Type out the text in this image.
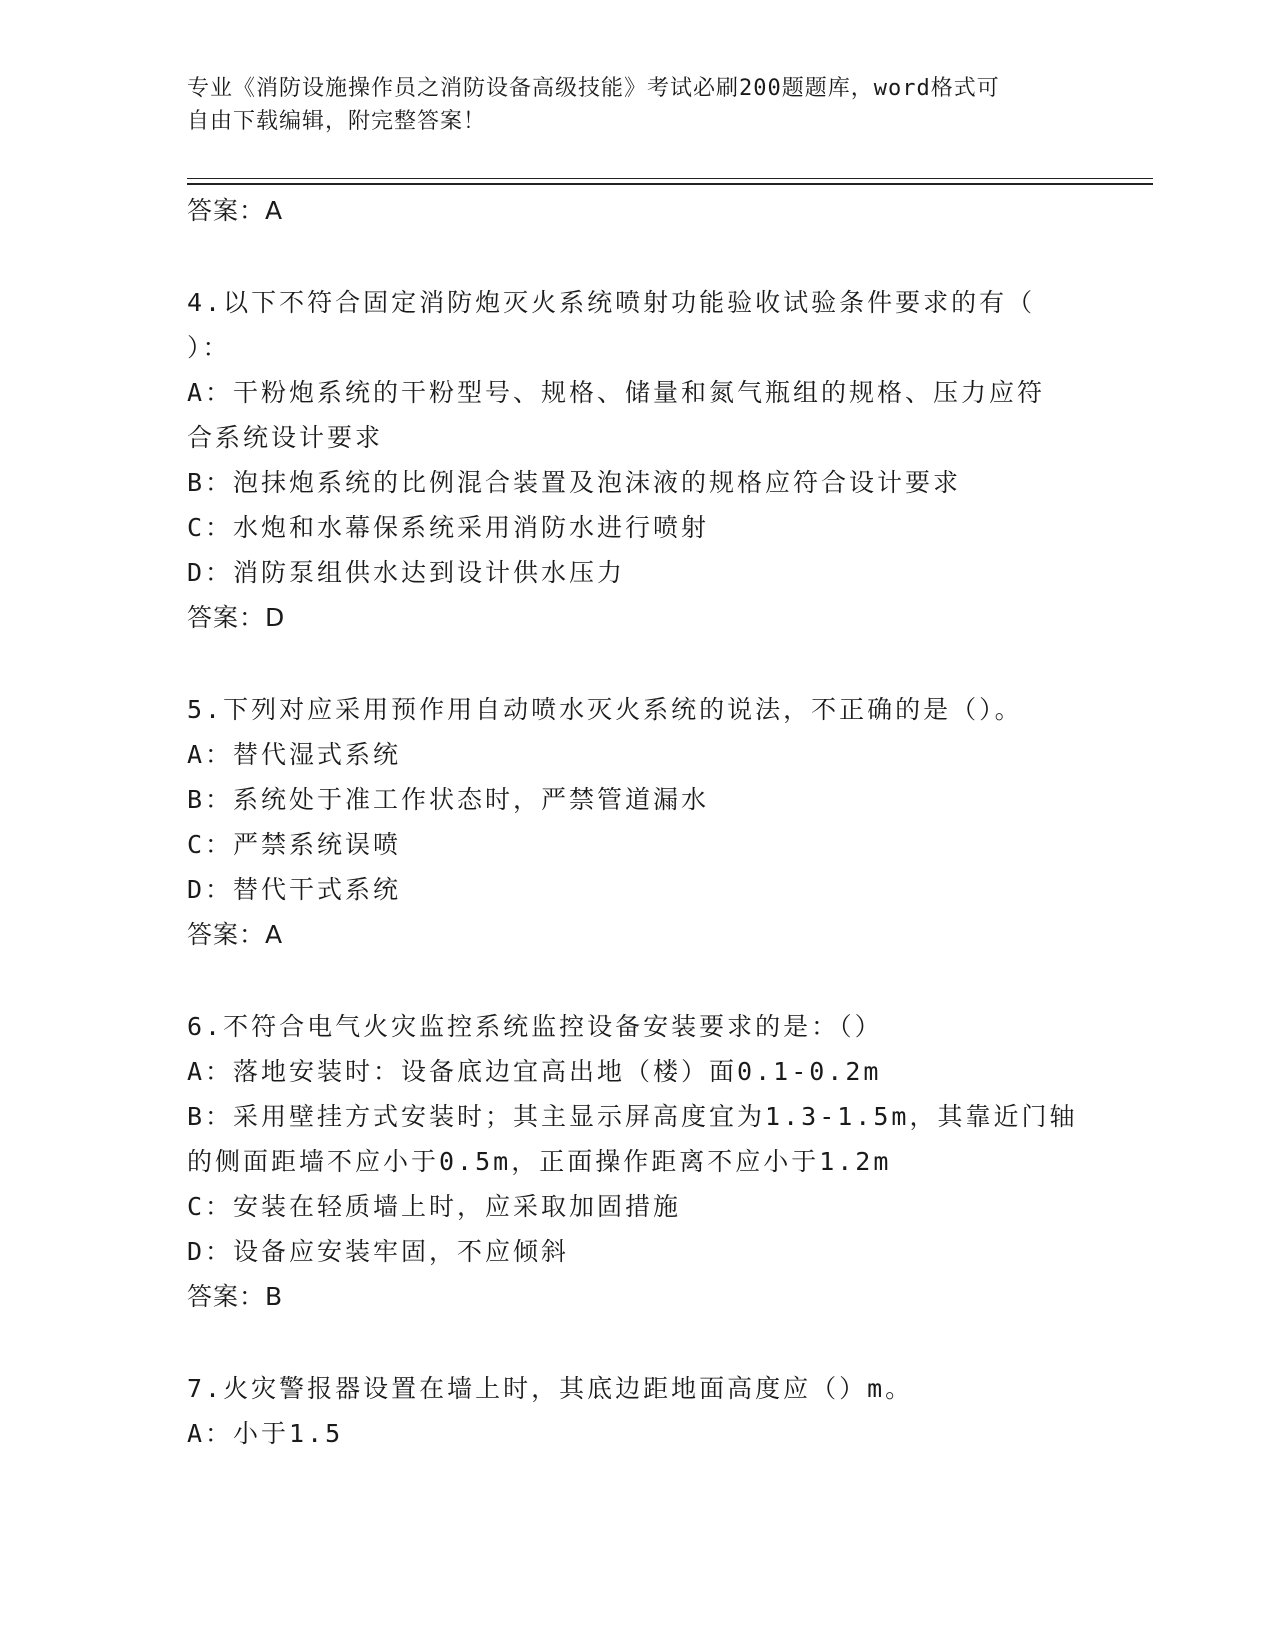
专业《消防设施操作员之消防设备高级技能》考试必刷200题题库，word格式可
自由下载编辑，附完整答案！
答案：A
4.以下不符合固定消防炮灭火系统喷射功能验收试验条件要求的有（
）：
A：干粉炮系统的干粉型号、规格、储量和氮气瓶组的规格、压力应符
合系统设计要求
B：泡抹炮系统的比例混合装置及泡沫液的规格应符合设计要求
C：水炮和水幕保系统采用消防水进行喷射
D：消防泵组供水达到设计供水压力
答案：D
5.下列对应采用预作用自动喷水灭火系统的说法，不正确的是（）。
A：替代湿式系统
B：系统处于准工作状态时，严禁管道漏水
C：严禁系统误喷
D：替代干式系统
答案：A
6.不符合电气火灾监控系统监控设备安装要求的是：（）
A：落地安装时：设备底边宜高出地（楼）面0.1-0.2m
B：采用壁挂方式安装时；其主显示屏高度宜为1.3-1.5m，其靠近门轴
的侧面距墙不应小于0.5m，正面操作距离不应小于1.2m
C：安装在轻质墙上时，应采取加固措施
D：设备应安装牢固，不应倾斜
答案：B
7.火灾警报器设置在墙上时，其底边距地面高度应（）m。
A：小于1.5
